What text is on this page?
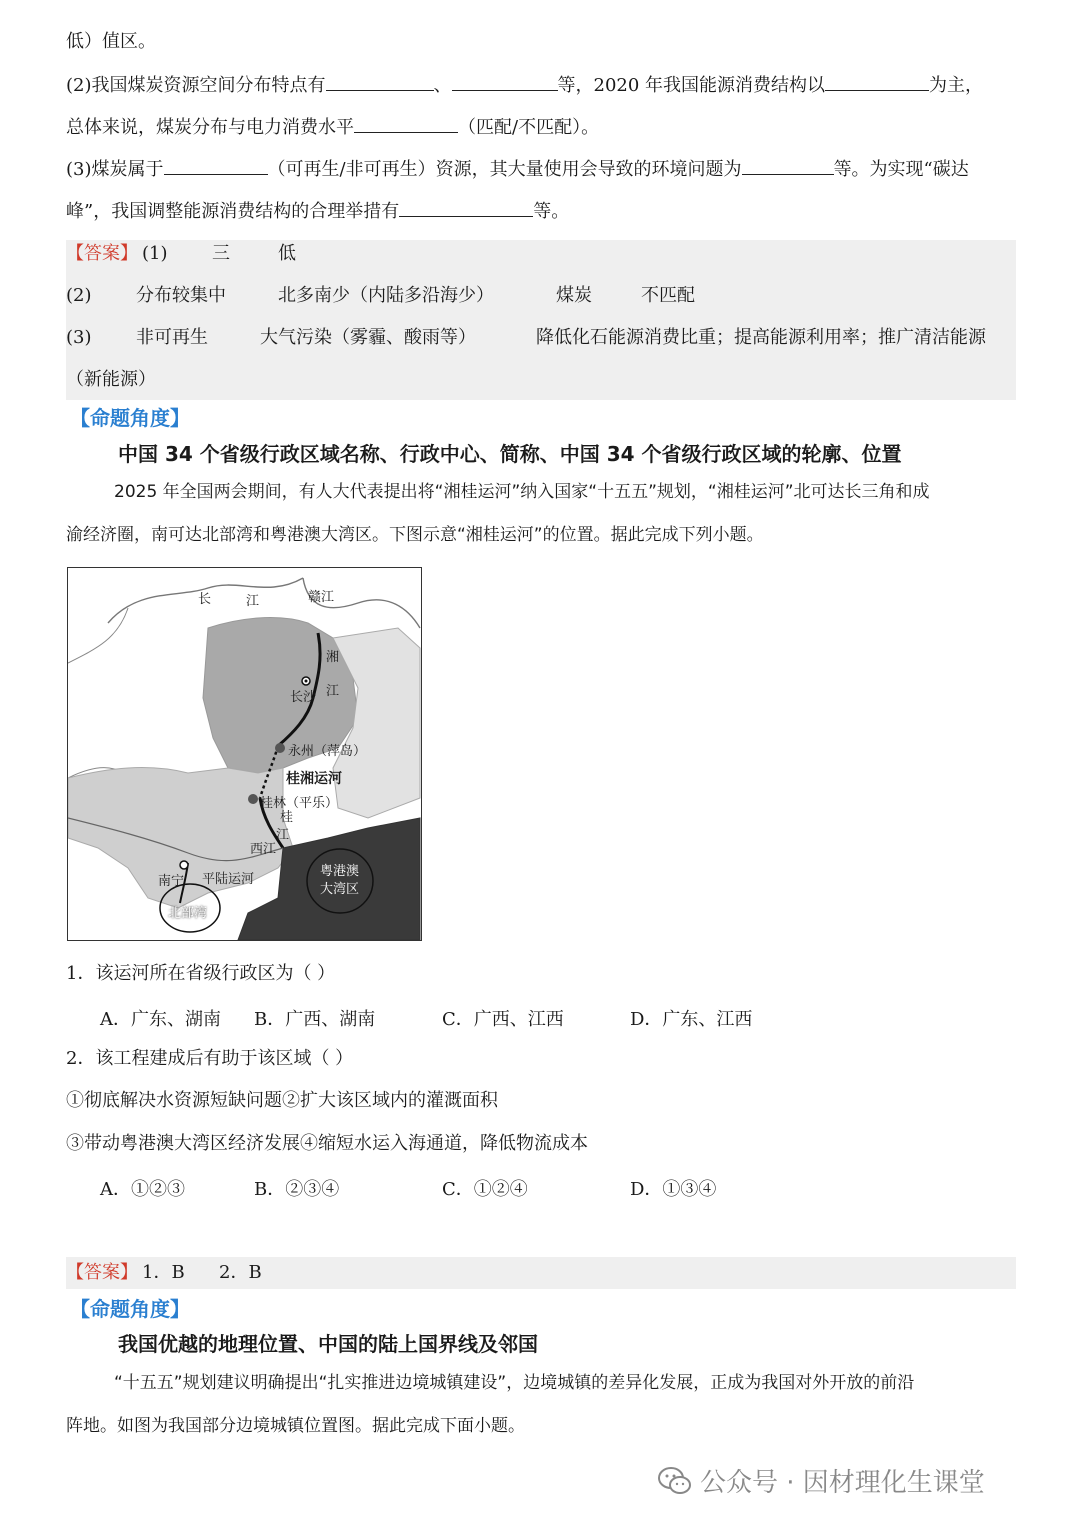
低）值区。
(2)我国煤炭资源空间分布特点有	、	等，2020 年我国能源消费结构以	为主，
总体来说，煤炭分布与电力消费水平	（匹配/不匹配）。
(3)煤炭属于	（可再生/非可再生）资源，其大量使用会导致的环境问题为	等。为实现“碳达
峰”，我国调整能源消费结构的合理举措有	等。
【答案】 (1) 三	低
(2) 分布较集中	北多南少（内陆多沿海少）	煤炭	不匹配
(3) 非可再生	大气污染（雾霾、酸雨等）	降低化石能源消费比重；提高能源利用率；推广清洁能源
（新能源）
【命题角度】
中国 34 个省级行政区域名称、行政中心、简称、中国 34 个省级行政区域的轮廓、位置
2025 年全国两会期间，有人大代表提出将“湘桂运河”纳入国家“十五五”规划，“湘桂运河”北可达长三角和成
渝经济圈，南可达北部湾和粤港澳大湾区。下图示意“湘桂运河”的位置。据此完成下列小题。
长	江	赣江
湘
江
长沙
永州（萍岛）
桂湘运河
桂林（平乐）
桂
江
西江
南宁 平陆运河
北部湾
粤港澳
大湾区
1．该运河所在省级行政区为（ ）
A．广东、湖南 B．广西、湖南	C．广西、江西	D．广东、江西
2．该工程建成后有助于该区域（ ）
①彻底解决水资源短缺问题②扩大该区域内的灌溉面积
③带动粤港澳大湾区经济发展④缩短水运入海通道，降低物流成本
A．①②③	B．②③④	C．①②④	D．①③④
【答案】 1．B      2．B
【命题角度】
我国优越的地理位置、中国的陆上国界线及邻国
“十五五”规划建议明确提出“扎实推进边境城镇建设”，边境城镇的差异化发展，正成为我国对外开放的前沿
阵地。如图为我国部分边境城镇位置图。据此完成下面小题。
公众号 · 因材理化生课堂
